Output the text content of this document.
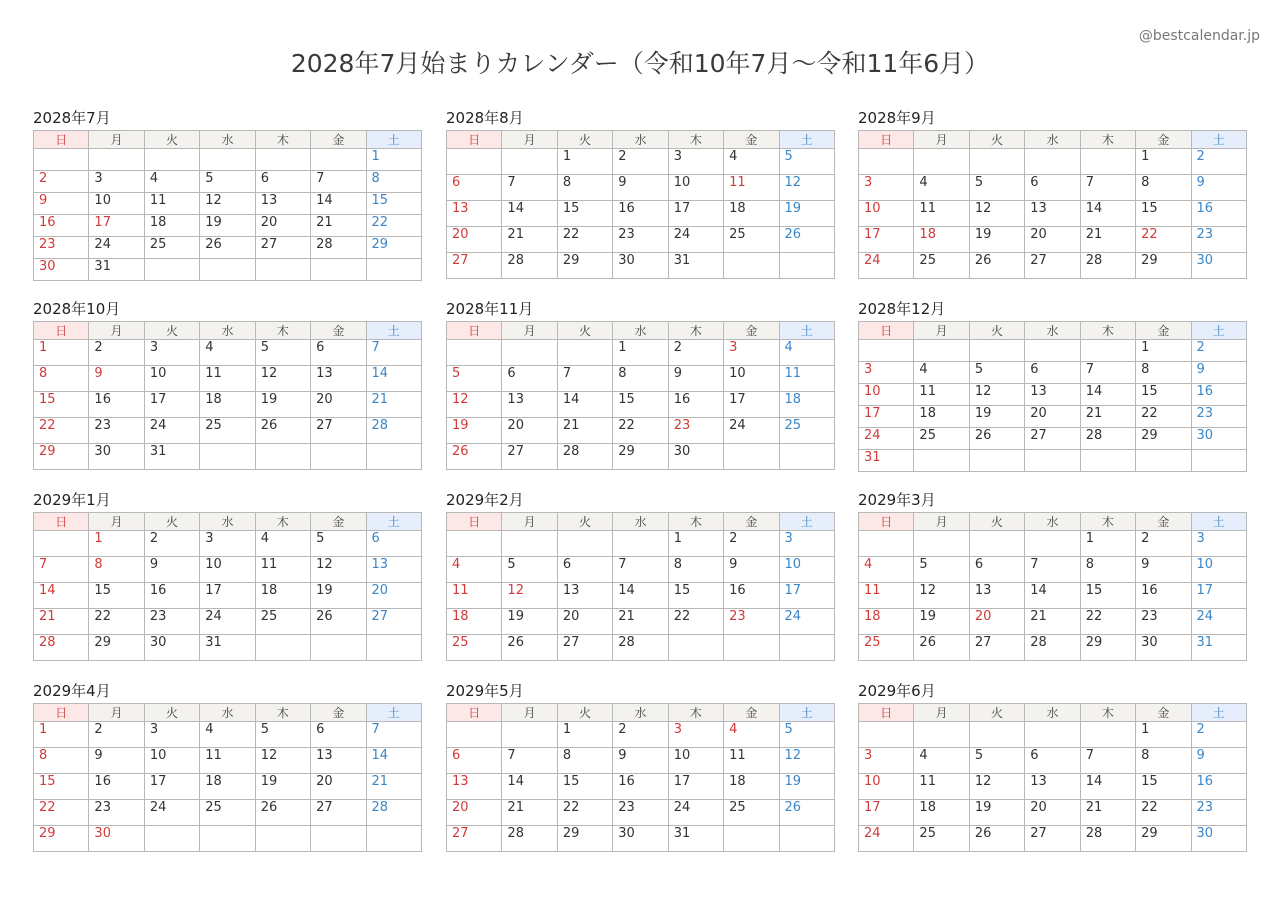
@bestcalendar.jp
2028年7月始まりカレンダー（令和10年7月〜令和11年6月）
2028年7月
日	月	火	水	木	金	土
						1
2	3	4	5	6	7	8
9	10	11	12	13	14	15
16	17	18	19	20	21	22
23	24	25	26	27	28	29
30	31					
2028年8月
日	月	火	水	木	金	土
		1	2	3	4	5
6	7	8	9	10	11	12
13	14	15	16	17	18	19
20	21	22	23	24	25	26
27	28	29	30	31		
2028年9月
日	月	火	水	木	金	土
					1	2
3	4	5	6	7	8	9
10	11	12	13	14	15	16
17	18	19	20	21	22	23
24	25	26	27	28	29	30
2028年10月
日	月	火	水	木	金	土
1	2	3	4	5	6	7
8	9	10	11	12	13	14
15	16	17	18	19	20	21
22	23	24	25	26	27	28
29	30	31				
2028年11月
日	月	火	水	木	金	土
			1	2	3	4
5	6	7	8	9	10	11
12	13	14	15	16	17	18
19	20	21	22	23	24	25
26	27	28	29	30		
2028年12月
日	月	火	水	木	金	土
					1	2
3	4	5	6	7	8	9
10	11	12	13	14	15	16
17	18	19	20	21	22	23
24	25	26	27	28	29	30
31						
2029年1月
日	月	火	水	木	金	土
	1	2	3	4	5	6
7	8	9	10	11	12	13
14	15	16	17	18	19	20
21	22	23	24	25	26	27
28	29	30	31			
2029年2月
日	月	火	水	木	金	土
				1	2	3
4	5	6	7	8	9	10
11	12	13	14	15	16	17
18	19	20	21	22	23	24
25	26	27	28			
2029年3月
日	月	火	水	木	金	土
				1	2	3
4	5	6	7	8	9	10
11	12	13	14	15	16	17
18	19	20	21	22	23	24
25	26	27	28	29	30	31
2029年4月
日	月	火	水	木	金	土
1	2	3	4	5	6	7
8	9	10	11	12	13	14
15	16	17	18	19	20	21
22	23	24	25	26	27	28
29	30					
2029年5月
日	月	火	水	木	金	土
		1	2	3	4	5
6	7	8	9	10	11	12
13	14	15	16	17	18	19
20	21	22	23	24	25	26
27	28	29	30	31		
2029年6月
日	月	火	水	木	金	土
					1	2
3	4	5	6	7	8	9
10	11	12	13	14	15	16
17	18	19	20	21	22	23
24	25	26	27	28	29	30
